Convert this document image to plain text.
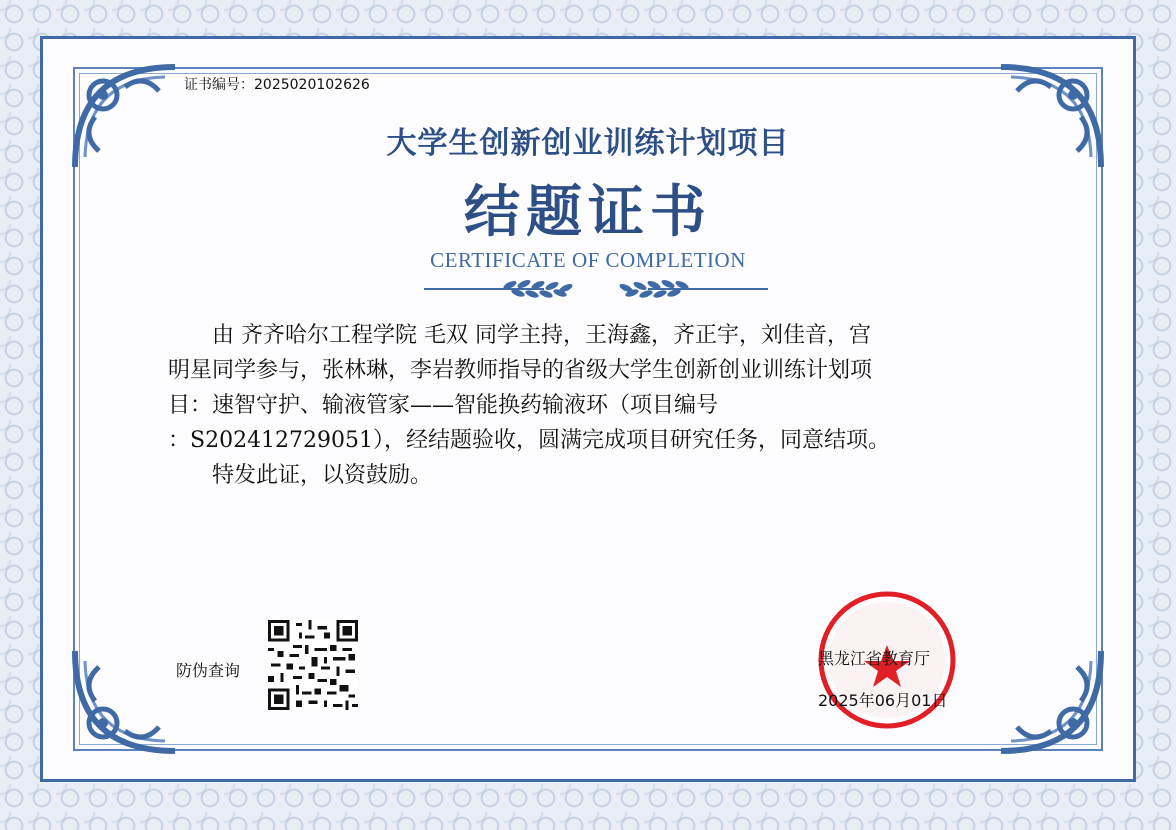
证书编号：2025020102626
大学生创新创业训练计划项目
结题证书
CERTIFICATE OF COMPLETION

由 齐齐哈尔工程学院 毛双 同学主持，王海鑫，齐正宇，刘佳音，宫

明星同学参与，张林琳，李岩教师指导的省级大学生创新创业训练计划项

目：速智守护、输液管家——智能换药输液环（项目编号

：S202412729051），经结题验收，圆满完成项目研究任务，同意结项。

特发此证，以资鼓励。

防伪查询
黑龙江省教育厅
2025年06月01日
